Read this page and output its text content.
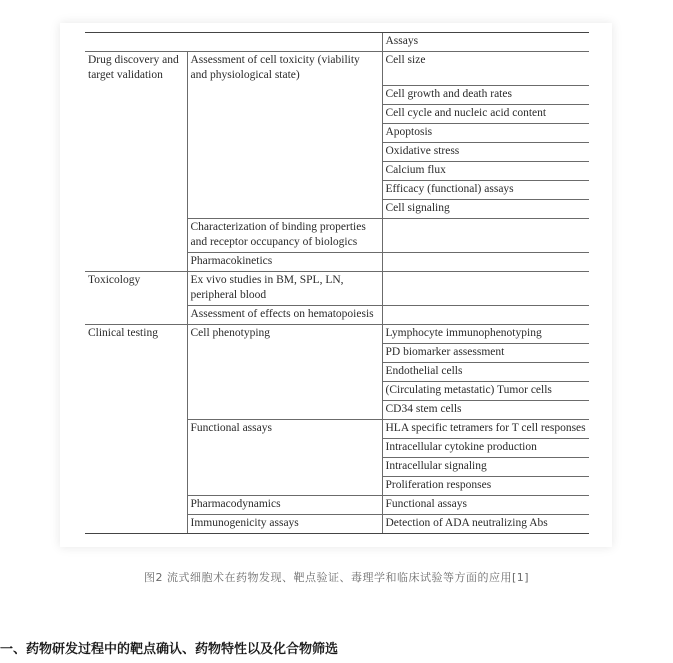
		Assays
Drug discovery and target validation	Assessment of cell toxicity (viability and physiological state)	Cell size
		Cell growth and death rates
		Cell cycle and nucleic acid content
		Apoptosis
		Oxidative stress
		Calcium flux
		Efficacy (functional) assays
		Cell signaling
	Characterization of binding properties and receptor occupancy of biologics	
	Pharmacokinetics	
Toxicology	Ex vivo studies in BM, SPL, LN, peripheral blood	
	Assessment of effects on hematopoiesis	
Clinical testing	Cell phenotyping	Lymphocyte immunophenotyping
		PD biomarker assessment
		Endothelial cells
		(Circulating metastatic) Tumor cells
		CD34 stem cells
	Functional assays	HLA specific tetramers for T cell responses
		Intracellular cytokine production
		Intracellular signaling
		Proliferation responses
	Pharmacodynamics	Functional assays
	Immunogenicity assays	Detection of ADA neutralizing Abs
图2 流式细胞术在药物发现、靶点验证、毒理学和临床试验等方面的应用[1]
一、药物研发过程中的靶点确认、药物特性以及化合物筛选
